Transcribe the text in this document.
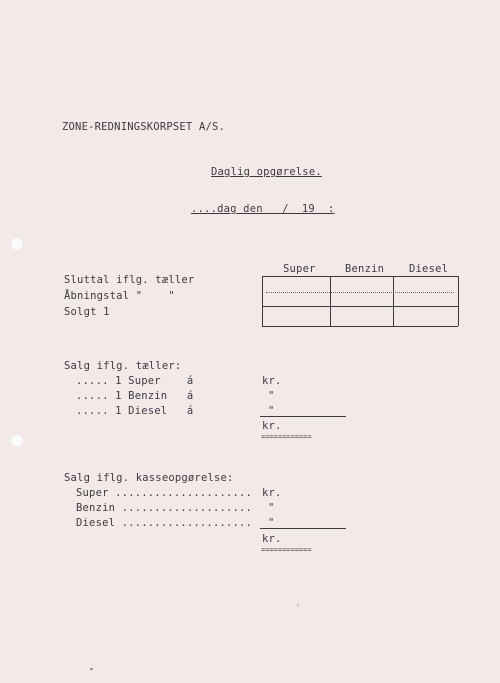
ZONE-REDNINGSKORPSET A/S.
Daglig opgørelse.
....dag den   /  19  :
Super	Benzin Diesel
Sluttal iflg. tæller
Åbningstal "    "
Solgt 1
Salg iflg. tæller:
..... 1 Super    á	kr.
..... 1 Benzin   á	"
..... 1 Diesel   á	"
kr.
============
Salg iflg. kasseopgørelse:
Super ..................... kr.
Benzin .................... "
Diesel .................... "
kr.
============
